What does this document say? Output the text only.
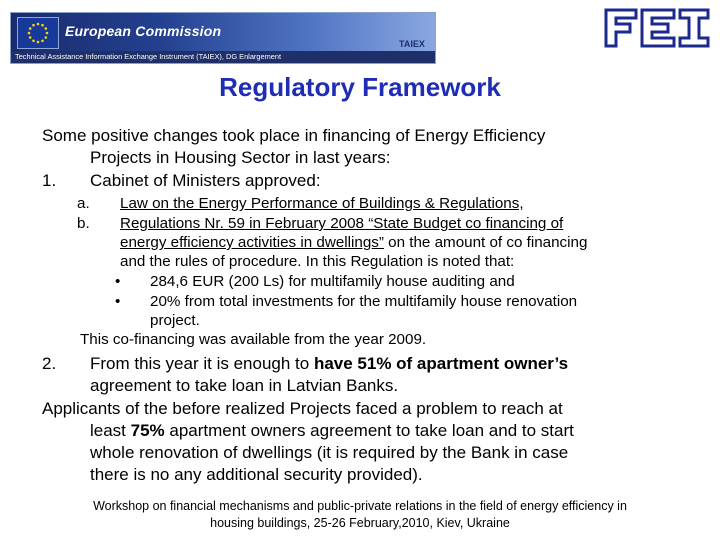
European Commission
TAIEX
Technical Assistance Information Exchange Instrument (TAIEX), DG Enlargement
Regulatory Framework
Some positive changes took place in financing of Energy Efficiency
Projects in Housing Sector in last years:
1. Cabinet of Ministers approved:
a. Law on the Energy Performance of Buildings & Regulations,
b. Regulations Nr. 59 in February 2008 “State Budget co financing of
energy efficiency activities in dwellings” on the amount of co financing
and the rules of procedure. In this Regulation is noted that:
• 284,6 EUR (200 Ls) for multifamily house auditing and
• 20% from total investments for the multifamily house renovation
project.
This co-financing was available from the year 2009.
2. From this year it is enough to have 51% of apartment owner’s
agreement to take loan in Latvian Banks.
Applicants of the before realized Projects faced a problem to reach at
least 75% apartment owners agreement to take loan and to start
whole renovation of dwellings (it is required by the Bank in case
there is no any additional security provided).
Workshop on financial mechanisms and public-private relations in the field of energy efficiency in
housing buildings, 25-26 February,2010, Kiev, Ukraine
